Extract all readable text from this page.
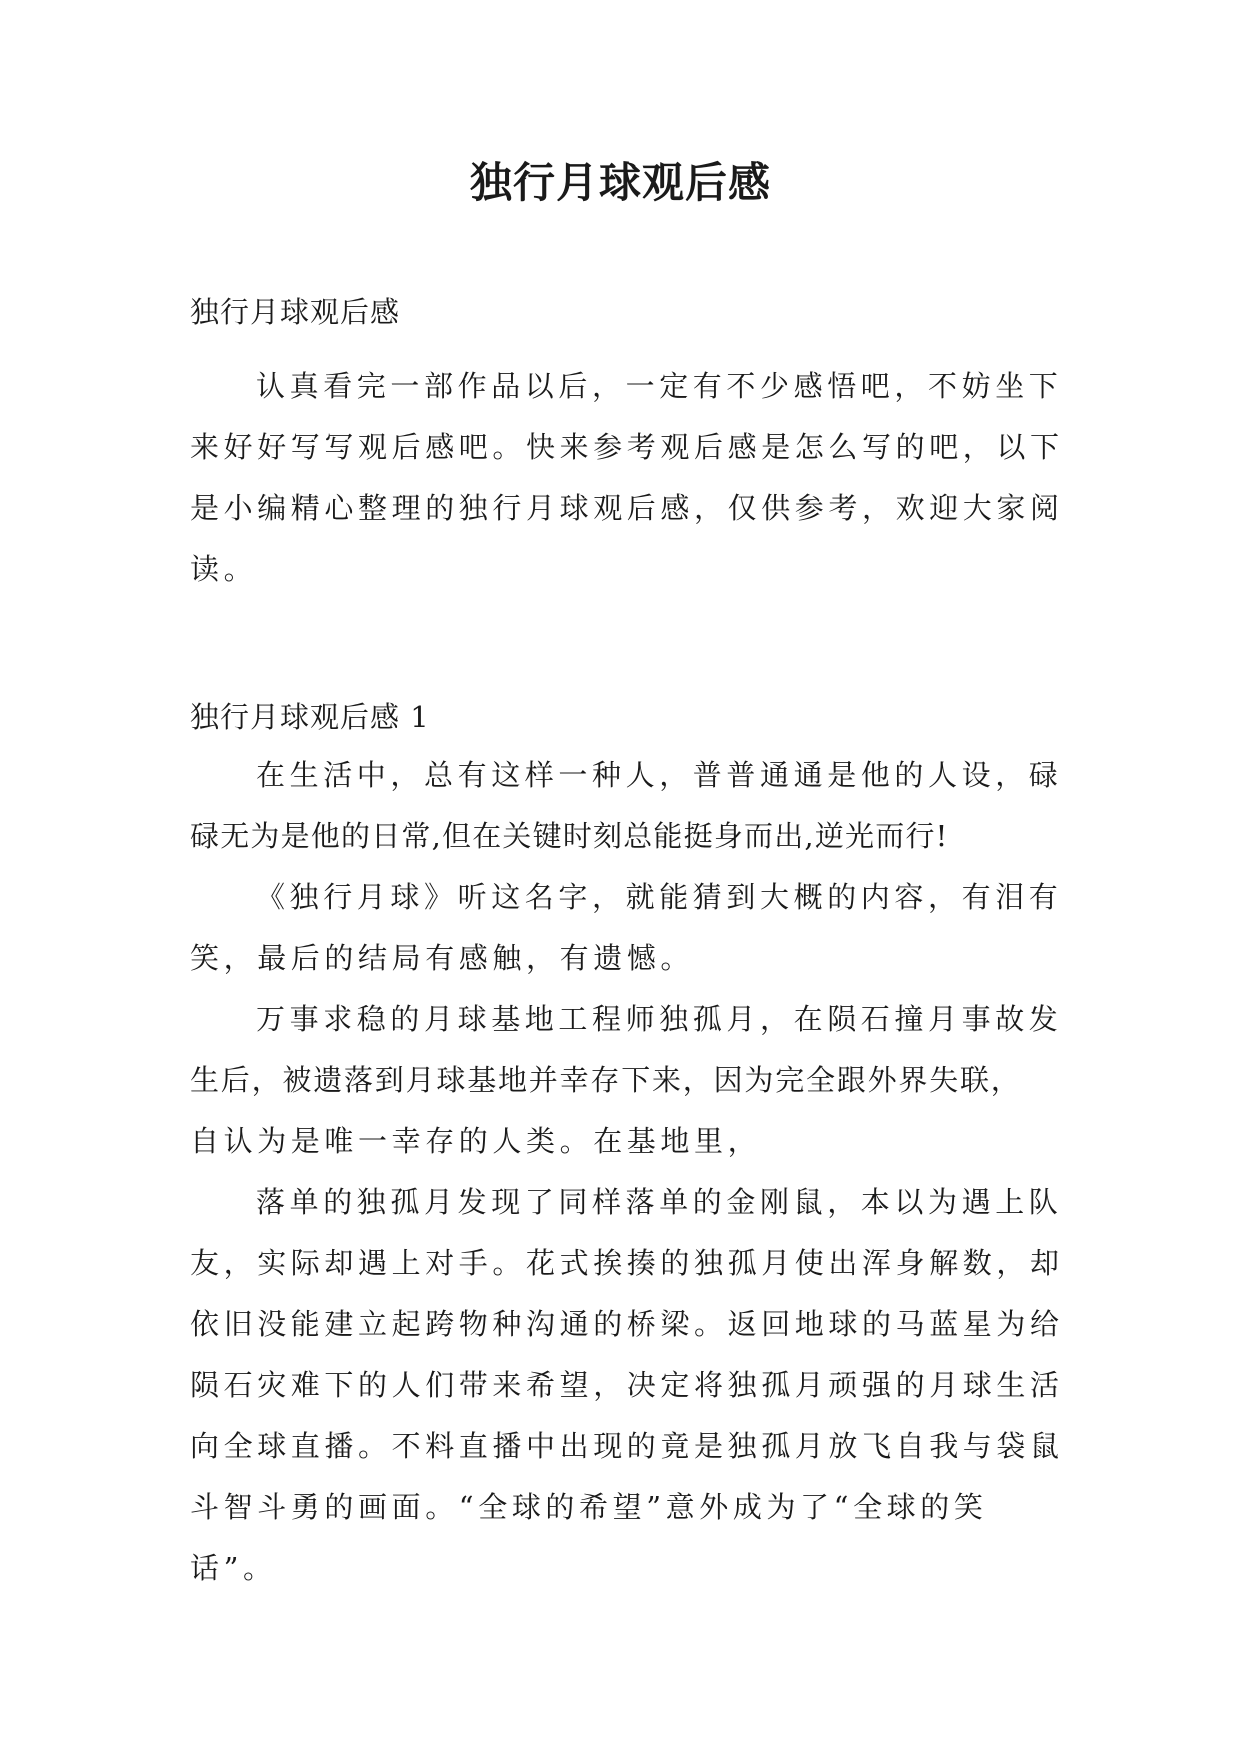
独行月球观后感

独行月球观后感

认真看完一部作品以后，一定有不少感悟吧，不妨坐下

来好好写写观后感吧。快来参考观后感是怎么写的吧，以下

是小编精心整理的独行月球观后感，仅供参考，欢迎大家阅

读。

独行月球观后感 1

在生活中，总有这样一种人，普普通通是他的人设，碌

碌无为是他的日常,但在关键时刻总能挺身而出,逆光而行!

《独行月球》听这名字，就能猜到大概的内容，有泪有

笑，最后的结局有感触，有遗憾。

万事求稳的月球基地工程师独孤月，在陨石撞月事故发

生后，被遗落到月球基地并幸存下来，因为完全跟外界失联，

自认为是唯一幸存的人类。在基地里，

落单的独孤月发现了同样落单的金刚鼠，本以为遇上队

友，实际却遇上对手。花式挨揍的独孤月使出浑身解数，却

依旧没能建立起跨物种沟通的桥梁。返回地球的马蓝星为给

陨石灾难下的人们带来希望，决定将独孤月顽强的月球生活

向全球直播。不料直播中出现的竟是独孤月放飞自我与袋鼠

斗智斗勇的画面。“全球的希望”意外成为了“全球的笑

话”。
